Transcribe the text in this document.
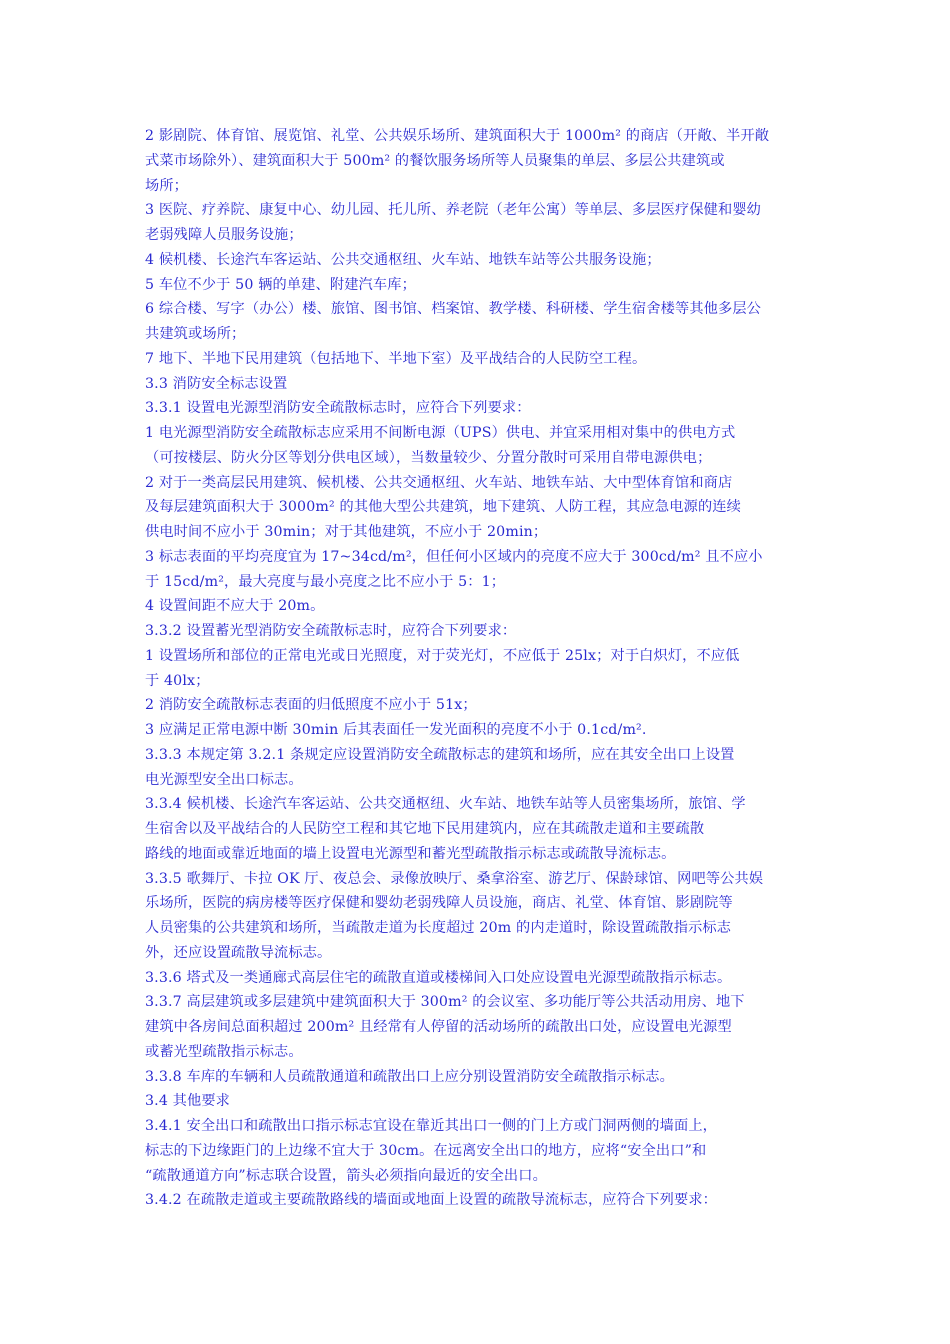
2 影剧院、体育馆、展览馆、礼堂、公共娱乐场所、建筑面积大于 1000m² 的商店（开敞、半开敞
式菜市场除外）、建筑面积大于 500m² 的餐饮服务场所等人员聚集的单层、多层公共建筑或
场所；
3 医院、疗养院、康复中心、幼儿园、托儿所、养老院（老年公寓）等单层、多层医疗保健和婴幼
老弱残障人员服务设施；
4 候机楼、长途汽车客运站、公共交通枢纽、火车站、地铁车站等公共服务设施；
5 车位不少于 50 辆的单建、附建汽车库；
6 综合楼、写字（办公）楼、旅馆、图书馆、档案馆、教学楼、科研楼、学生宿舍楼等其他多层公
共建筑或场所；
7 地下、半地下民用建筑（包括地下、半地下室）及平战结合的人民防空工程。
3.3 消防安全标志设置
3.3.1 设置电光源型消防安全疏散标志时，应符合下列要求：
1 电光源型消防安全疏散标志应采用不间断电源（UPS）供电、并宜采用相对集中的供电方式
（可按楼层、防火分区等划分供电区域），当数量较少、分置分散时可采用自带电源供电；
2 对于一类高层民用建筑、候机楼、公共交通枢纽、火车站、地铁车站、大中型体育馆和商店
及每层建筑面积大于 3000m² 的其他大型公共建筑，地下建筑、人防工程，其应急电源的连续
供电时间不应小于 30min；对于其他建筑，不应小于 20min；
3 标志表面的平均亮度宜为 17~34cd/m²，但任何小区域内的亮度不应大于 300cd/m² 且不应小
于 15cd/m²，最大亮度与最小亮度之比不应小于 5：1；
4 设置间距不应大于 20m。
3.3.2 设置蓄光型消防安全疏散标志时，应符合下列要求：
1 设置场所和部位的正常电光或日光照度，对于荧光灯，不应低于 25lx；对于白炽灯，不应低
于 40lx；
2 消防安全疏散标志表面的归低照度不应小于 51x；
3 应满足正常电源中断 30min 后其表面任一发光面积的亮度不小于 0.1cd/m².
3.3.3 本规定第 3.2.1 条规定应设置消防安全疏散标志的建筑和场所，应在其安全出口上设置
电光源型安全出口标志。
3.3.4 候机楼、长途汽车客运站、公共交通枢纽、火车站、地铁车站等人员密集场所，旅馆、学
生宿舍以及平战结合的人民防空工程和其它地下民用建筑内，应在其疏散走道和主要疏散
路线的地面或靠近地面的墙上设置电光源型和蓄光型疏散指示标志或疏散导流标志。
3.3.5 歌舞厅、卡拉 OK 厅、夜总会、录像放映厅、桑拿浴室、游艺厅、保龄球馆、网吧等公共娱
乐场所，医院的病房楼等医疗保健和婴幼老弱残障人员设施，商店、礼堂、体育馆、影剧院等
人员密集的公共建筑和场所，当疏散走道为长度超过 20m 的内走道时，除设置疏散指示标志
外，还应设置疏散导流标志。
3.3.6 塔式及一类通廊式高层住宅的疏散直道或楼梯间入口处应设置电光源型疏散指示标志。
3.3.7 高层建筑或多层建筑中建筑面积大于 300m² 的会议室、多功能厅等公共活动用房、地下
建筑中各房间总面积超过 200m² 且经常有人停留的活动场所的疏散出口处，应设置电光源型
或蓄光型疏散指示标志。
3.3.8 车库的车辆和人员疏散通道和疏散出口上应分别设置消防安全疏散指示标志。
3.4 其他要求
3.4.1 安全出口和疏散出口指示标志宜设在靠近其出口一侧的门上方或门洞两侧的墙面上，
标志的下边缘距门的上边缘不宜大于 30cm。在远离安全出口的地方，应将“安全出口”和
“疏散通道方向”标志联合设置，箭头必须指向最近的安全出口。
3.4.2 在疏散走道或主要疏散路线的墙面或地面上设置的疏散导流标志，应符合下列要求：
